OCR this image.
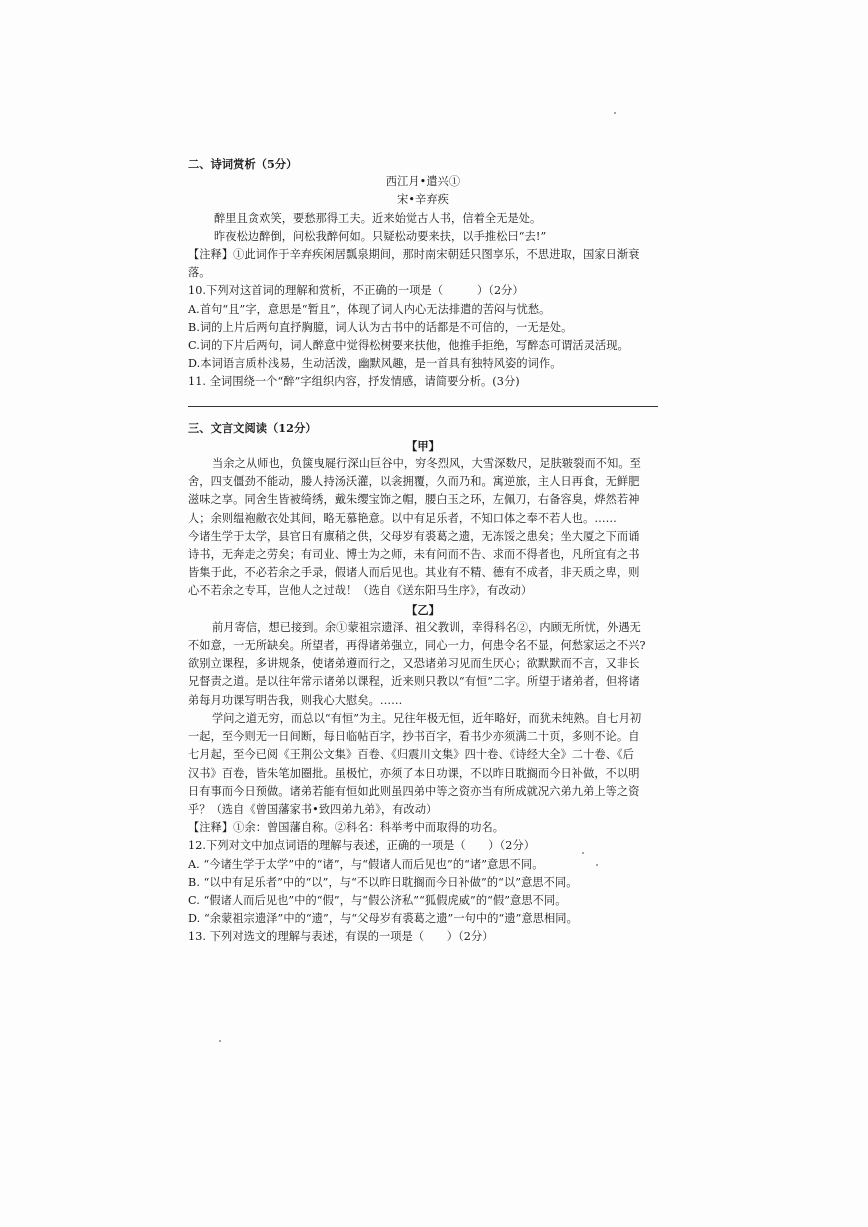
二、诗词赏析（5分）
西江月•遣兴①
宋•辛弃疾
醉里且贪欢笑，要愁那得工夫。近来始觉古人书，信着全无是处。
昨夜松边醉倒，问松我醉何如。只疑松动要来扶，以手推松曰“去!”
【注释】①此词作于辛弃疾闲居瓢泉期间，那时南宋朝廷只图享乐，不思进取，国家日渐衰
落。
10.下列对这首词的理解和赏析，不正确的一项是（　　　）（2分）
A.首句“且”字，意思是“暂且”，体现了词人内心无法排遣的苦闷与忧愁。
B.词的上片后两句直抒胸臆，词人认为古书中的话都是不可信的，一无是处。
C.词的下片后两句，词人醉意中觉得松树要来扶他，他推手拒绝，写醉态可谓活灵活现。
D.本词语言质朴浅易，生动活泼，幽默风趣，是一首具有独特风姿的词作。
11. 全词围绕一个“醉”字组织内容，抒发情感，请简要分析。(3分)
三、文言文阅读（12分）
【甲】
当余之从师也，负箧曳屣行深山巨谷中，穷冬烈风，大雪深数尺，足肤皲裂而不知。至
舍，四支僵劲不能动，媵人持汤沃灌，以衾拥覆，久而乃和。寓逆旅，主人日再食，无鲜肥
滋味之享。同舍生皆被绮绣，戴朱缨宝饰之帽，腰白玉之环，左佩刀，右备容臭，烨然若神
人；余则缊袍敝衣处其间，略无慕艳意。以中有足乐者，不知口体之奉不若人也。……
今诸生学于太学，县官日有廪稍之供，父母岁有裘葛之遗，无冻馁之患矣；坐大厦之下而诵
诗书，无奔走之劳矣；有司业、博士为之师，未有问而不告、求而不得者也，凡所宜有之书
皆集于此，不必若余之手录，假诸人而后见也。其业有不精、德有不成者，非天质之卑，则
心不若余之专耳，岂他人之过哉！（选自《送东阳马生序》，有改动）
【乙】
前月寄信，想已接到。余①蒙祖宗遗泽、祖父教训，幸得科名②，内顾无所忧，外遇无
不如意，一无所缺矣。所望者，再得诸弟强立，同心一力，何患令名不显，何愁家运之不兴?
欲别立课程，多讲规条，使诸弟遵而行之，又恐诸弟习见而生厌心；欲默默而不言，又非长
兄督责之道。是以往年常示诸弟以课程，近来则只教以“有恒”二字。所望于诸弟者，但将诸
弟每月功课写明告我，则我心大慰矣。……
学问之道无穷，而总以“有恒”为主。兄往年极无恒，近年略好，而犹未纯熟。自七月初
一起，至今则无一日间断，每日临帖百字，抄书百字，看书少亦须满二十页，多则不论。自
七月起，至今已阅《王荆公文集》百卷、《归震川文集》四十卷、《诗经大全》二十卷、《后
汉书》百卷，皆朱笔加圈批。虽极忙，亦须了本日功课，不以昨日耽搁而今日补做，不以明
日有事而今日预做。诸弟若能有恒如此则虽四弟中等之资亦当有所成就况六弟九弟上等之资
乎？（选自《曾国藩家书•致四弟九弟》，有改动）
【注释】①余：曾国藩自称。②科名：科举考中而取得的功名。
12.下列对文中加点词语的理解与表述，正确的一项是（　　）（2分）
A. “今诸生学于太学”中的“诸”，与“假诸人而后见也”的“诸”意思不同。
B. “以中有足乐者”中的“以”，与“不以昨日耽搁而今日补做”的“以”意思不同。
C. “假诸人而后见也”中的“假”，与“假公济私”“狐假虎威”的“假”意思不同。
D. “余蒙祖宗遗泽”中的“遗”，与“父母岁有裘葛之遗”一句中的“遗”意思相同。
13. 下列对选文的理解与表述，有误的一项是（　　）（2分）
